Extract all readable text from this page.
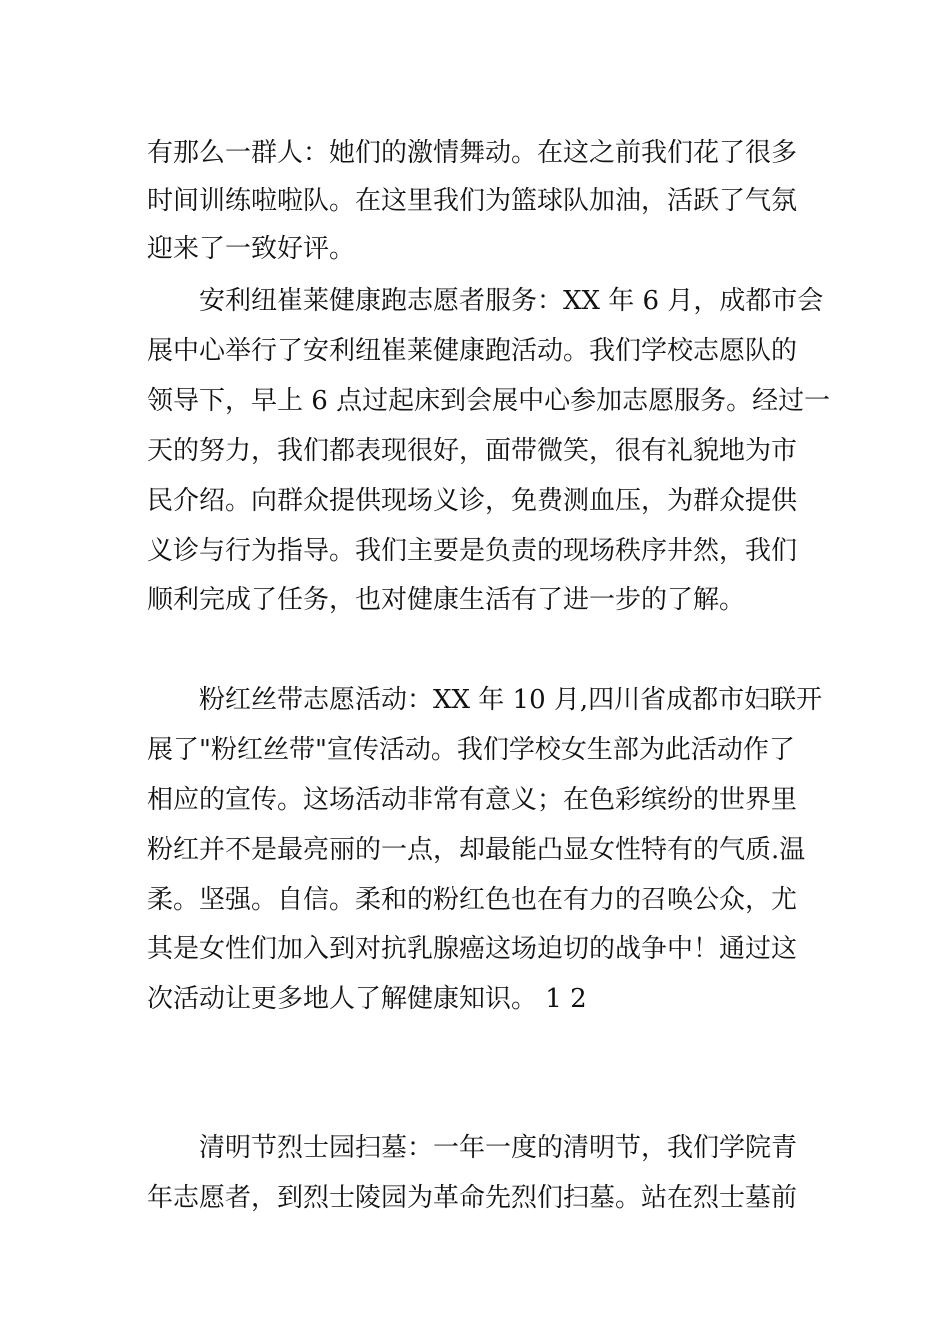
有那么一群人：她们的激情舞动。在这之前我们花了很多
时间训练啦啦队。在这里我们为篮球队加油，活跃了气氛
迎来了一致好评。
安利纽崔莱健康跑志愿者服务：XX 年 6 月，成都市会
展中心举行了安利纽崔莱健康跑活动。我们学校志愿队的
领导下，早上 6 点过起床到会展中心参加志愿服务。经过一
天的努力，我们都表现很好，面带微笑，很有礼貌地为市
民介绍。向群众提供现场义诊，免费测血压，为群众提供
义诊与行为指导。我们主要是负责的现场秩序井然，我们
顺利完成了任务，也对健康生活有了进一步的了解。
粉红丝带志愿活动：XX 年 10 月,四川省成都市妇联开
展了"粉红丝带"宣传活动。我们学校女生部为此活动作了
相应的宣传。这场活动非常有意义；在色彩缤纷的世界里
粉红并不是最亮丽的一点，却最能凸显女性特有的气质.温
柔。坚强。自信。柔和的粉红色也在有力的召唤公众，尤
其是女性们加入到对抗乳腺癌这场迫切的战争中！通过这
次活动让更多地人了解健康知识。 1 2
清明节烈士园扫墓：一年一度的清明节，我们学院青
年志愿者，到烈士陵园为革命先烈们扫墓。站在烈士墓前
